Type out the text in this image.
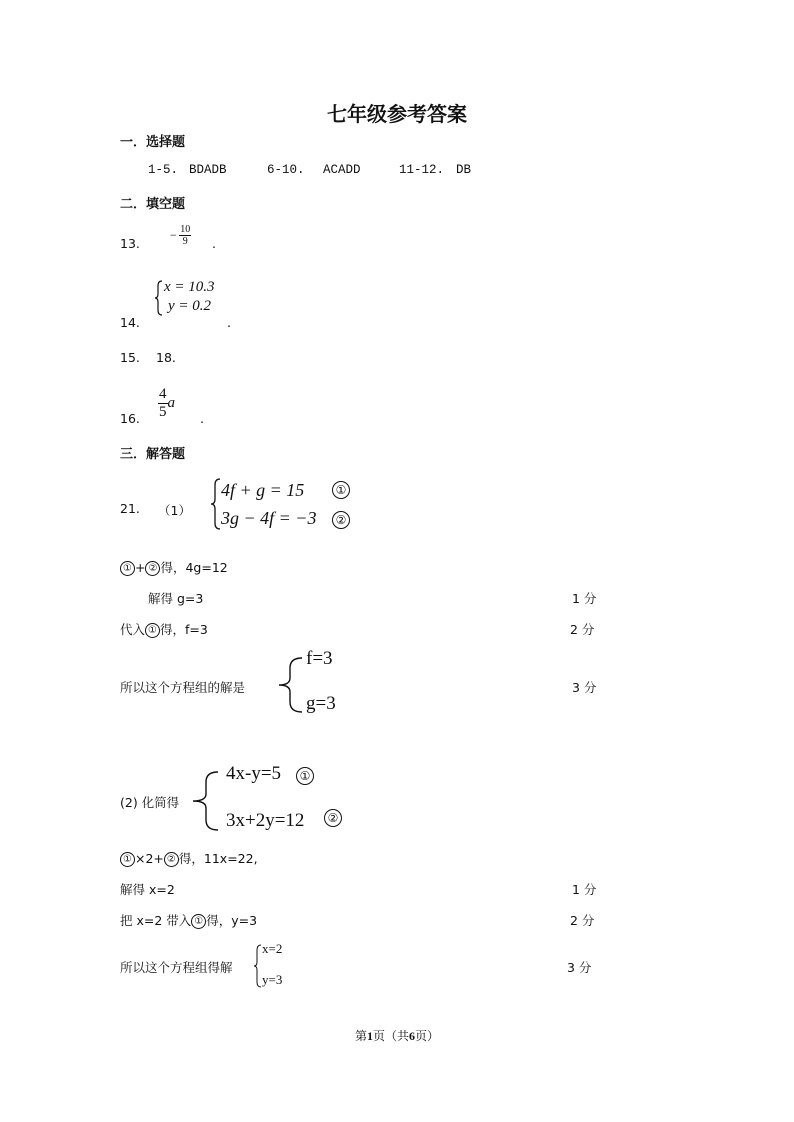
七年级参考答案
一．选择题
1-5. BDADB	6-10. ACADD	11-12. DB
二．填空题
13.
− $\frac{10}{9}$ .
14.
x = 10.3
y = 0.2
.
15. 18.
16. $\frac{4}{5}$ a
.
三．解答题
21. （1）
4f + g = 15
3g − 4f = −3
①
②
① + ② 得，4g=12
解得 g=3	1 分
代入 ① 得，f=3	2 分
所以这个方程组的解是
f=3
g=3
3 分
(2) 化简得
4x-y=5	①
3x+2y=12	②
① ×2+ ② 得，11x=22,
解得 x=2	1 分
把 x=2 带入 ① 得，y=3	2 分
所以这个方程组得解
x=2
y=3
3 分
第1页（共6页）
